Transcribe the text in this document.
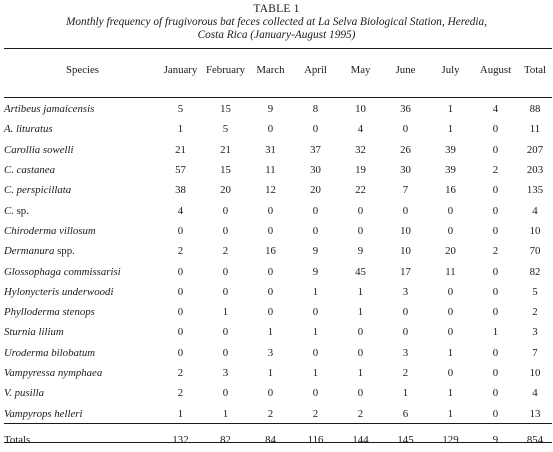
TABLE 1
Monthly frequency of frugivorous bat feces collected at La Selva Biological Station, Heredia,
Costa Rica (January-August 1995)
Species	January	February	March	April	May	June	July	August	Total
Artibeus jamaicensis	5	15	9	8	10	36	1	4	88
A. lituratus	1	5	0	0	4	0	1	0	11
Carollia sowelli	21	21	31	37	32	26	39	0	207
C. castanea	57	15	11	30	19	30	39	2	203
C. perspicillata	38	20	12	20	22	7	16	0	135
C. sp.	4	0	0	0	0	0	0	0	4
Chiroderma villosum	0	0	0	0	0	10	0	0	10
Dermanura spp.	2	2	16	9	9	10	20	2	70
Glossophaga commissarisi	0	0	0	9	45	17	11	0	82
Hylonycteris underwoodi	0	0	0	1	1	3	0	0	5
Phylloderma stenops	0	1	0	0	1	0	0	0	2
Sturnia lilium	0	0	1	1	0	0	0	1	3
Uroderma bilobatum	0	0	3	0	0	3	1	0	7
Vampyressa nymphaea	2	3	1	1	1	2	0	0	10
V. pusilla	2	0	0	0	0	1	1	0	4
Vampyrops helleri	1	1	2	2	2	6	1	0	13
Totals	132	82	84	116	144	145	129	9	854
